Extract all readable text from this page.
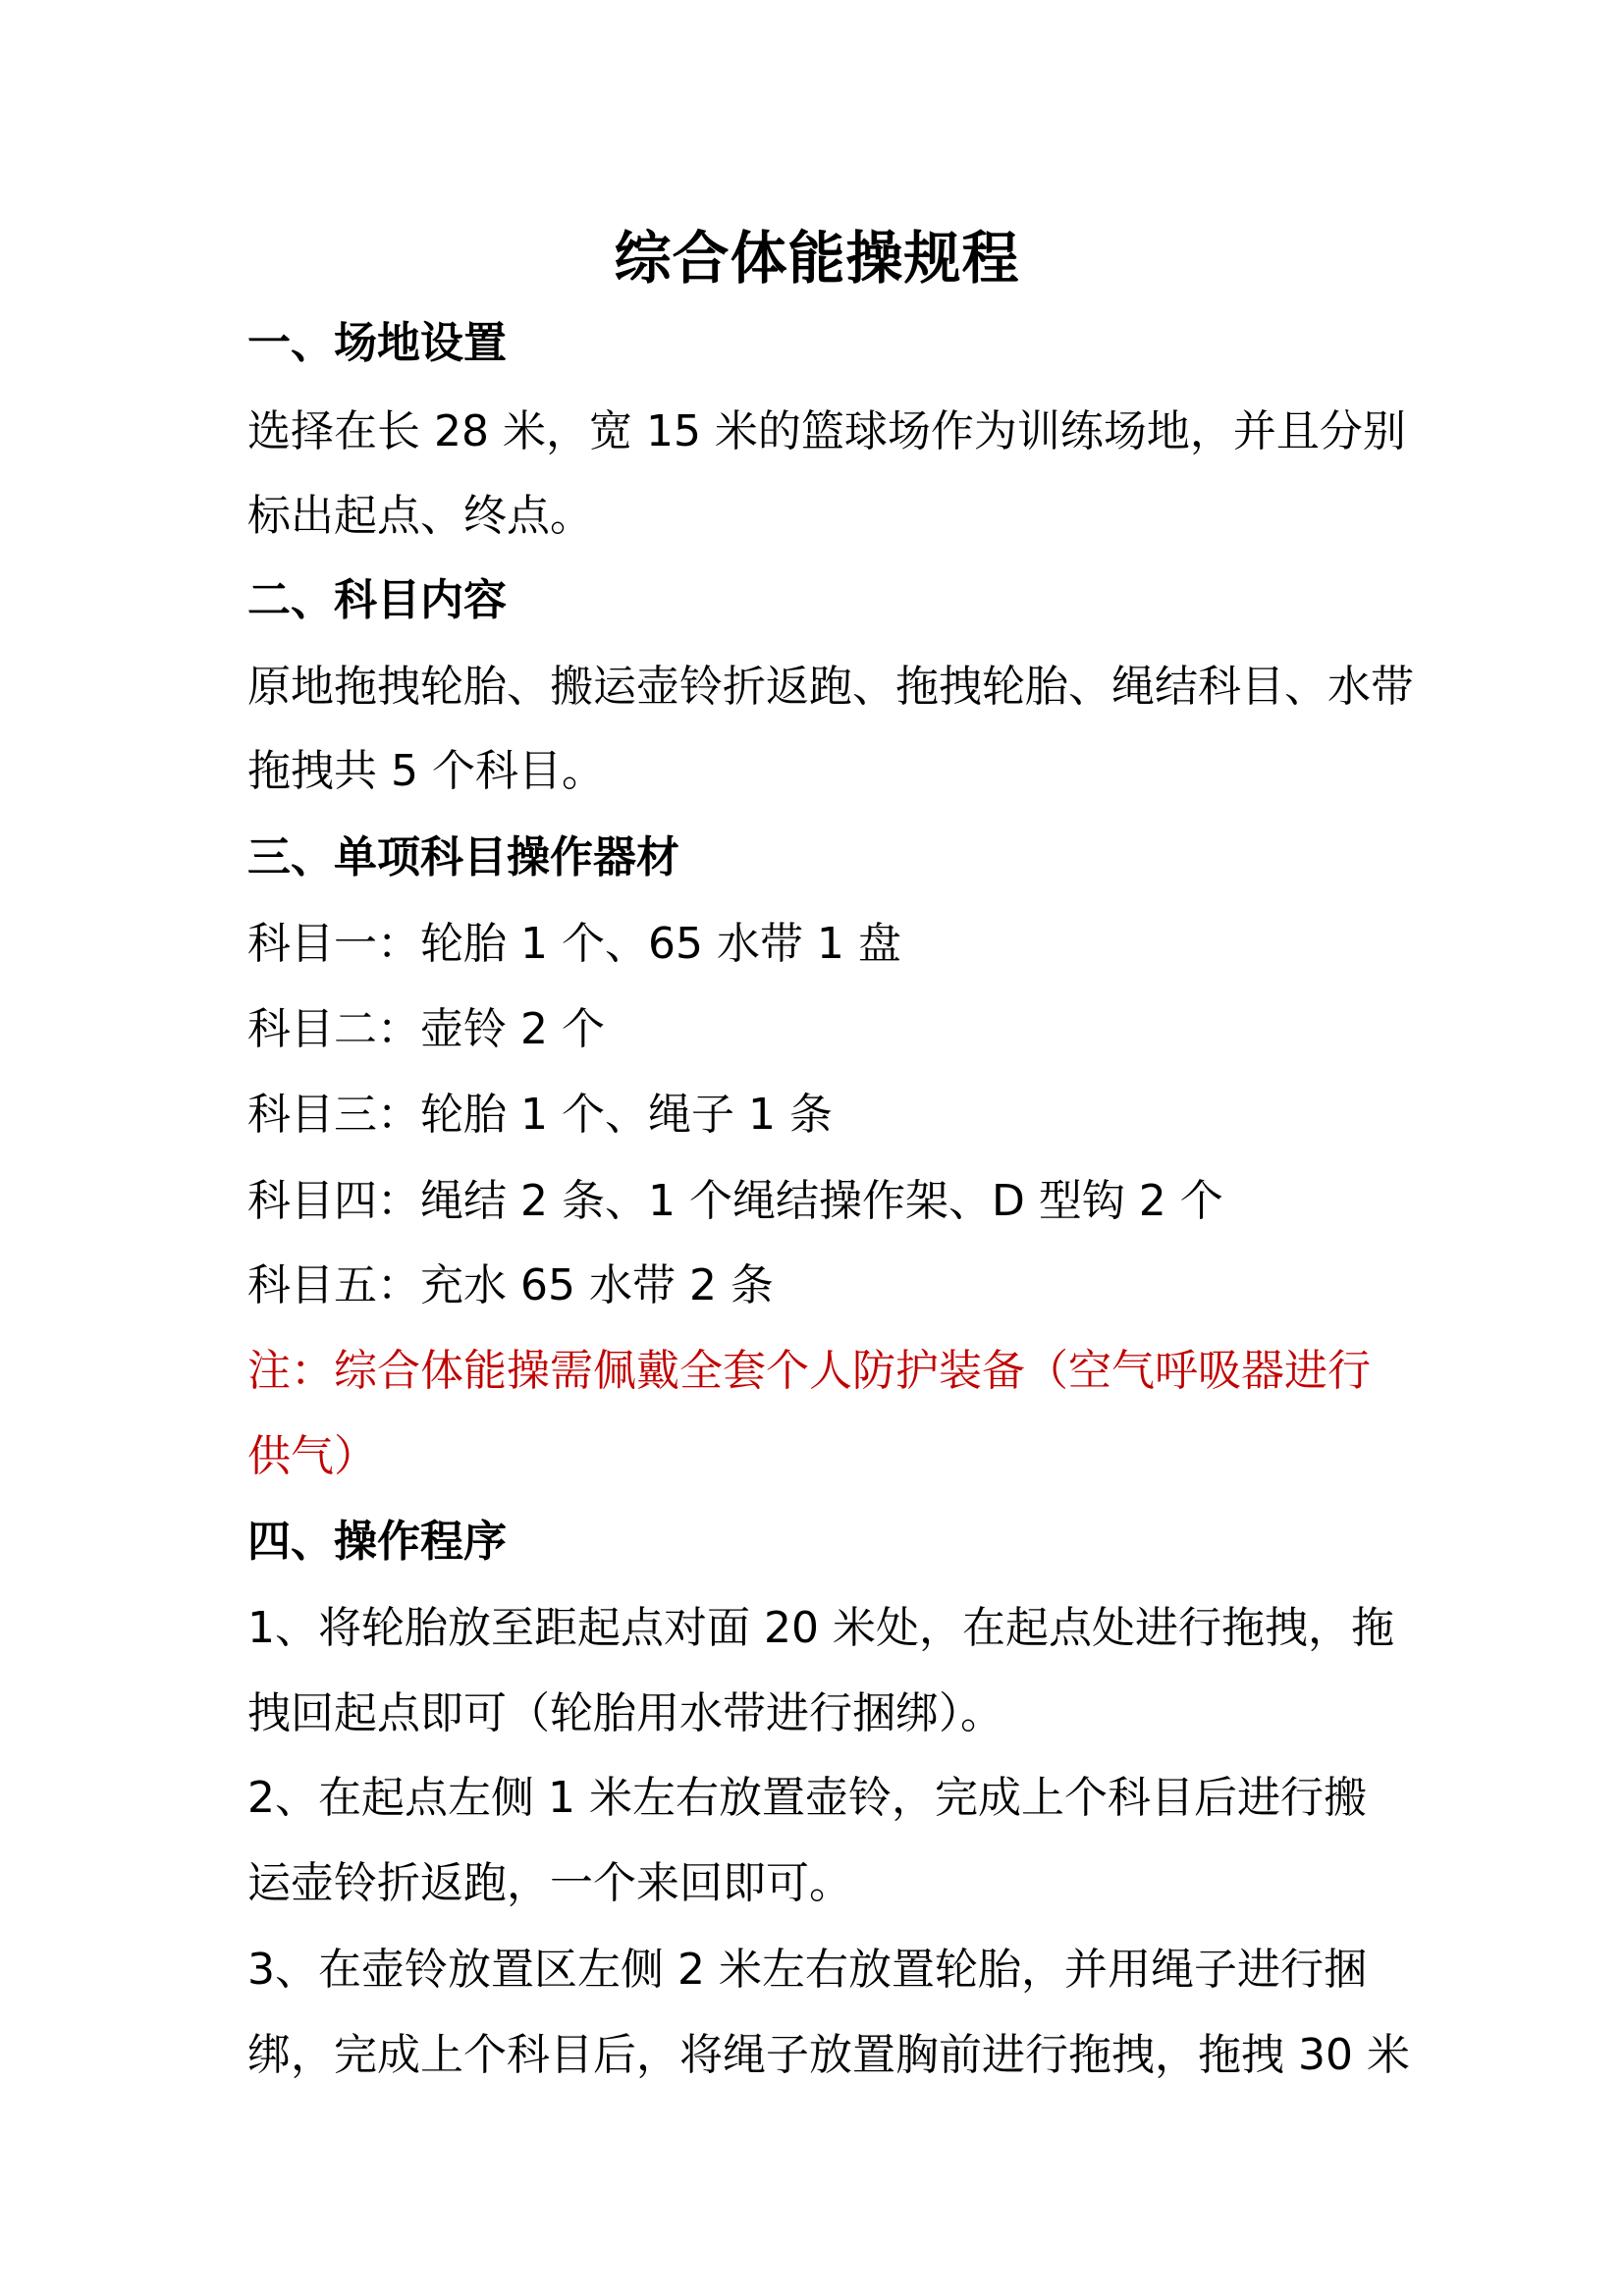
综合体能操规程
一、场地设置
选择在长 28 米，宽 15 米的篮球场作为训练场地，并且分别
标出起点、终点。
二、科目内容
原地拖拽轮胎、搬运壶铃折返跑、拖拽轮胎、绳结科目、水带
拖拽共 5 个科目。
三、单项科目操作器材
科目一：轮胎 1 个、65 水带 1 盘
科目二：壶铃 2 个
科目三：轮胎 1 个、绳子 1 条
科目四：绳结 2 条、1 个绳结操作架、D 型钩 2 个
科目五：充水 65 水带 2 条
注：综合体能操需佩戴全套个人防护装备（空气呼吸器进行
供气）
四、操作程序
1、将轮胎放至距起点对面 20 米处，在起点处进行拖拽，拖
拽回起点即可（轮胎用水带进行捆绑）。
2、在起点左侧 1 米左右放置壶铃，完成上个科目后进行搬
运壶铃折返跑，一个来回即可。
3、在壶铃放置区左侧 2 米左右放置轮胎，并用绳子进行捆
绑，完成上个科目后，将绳子放置胸前进行拖拽，拖拽 30 米
